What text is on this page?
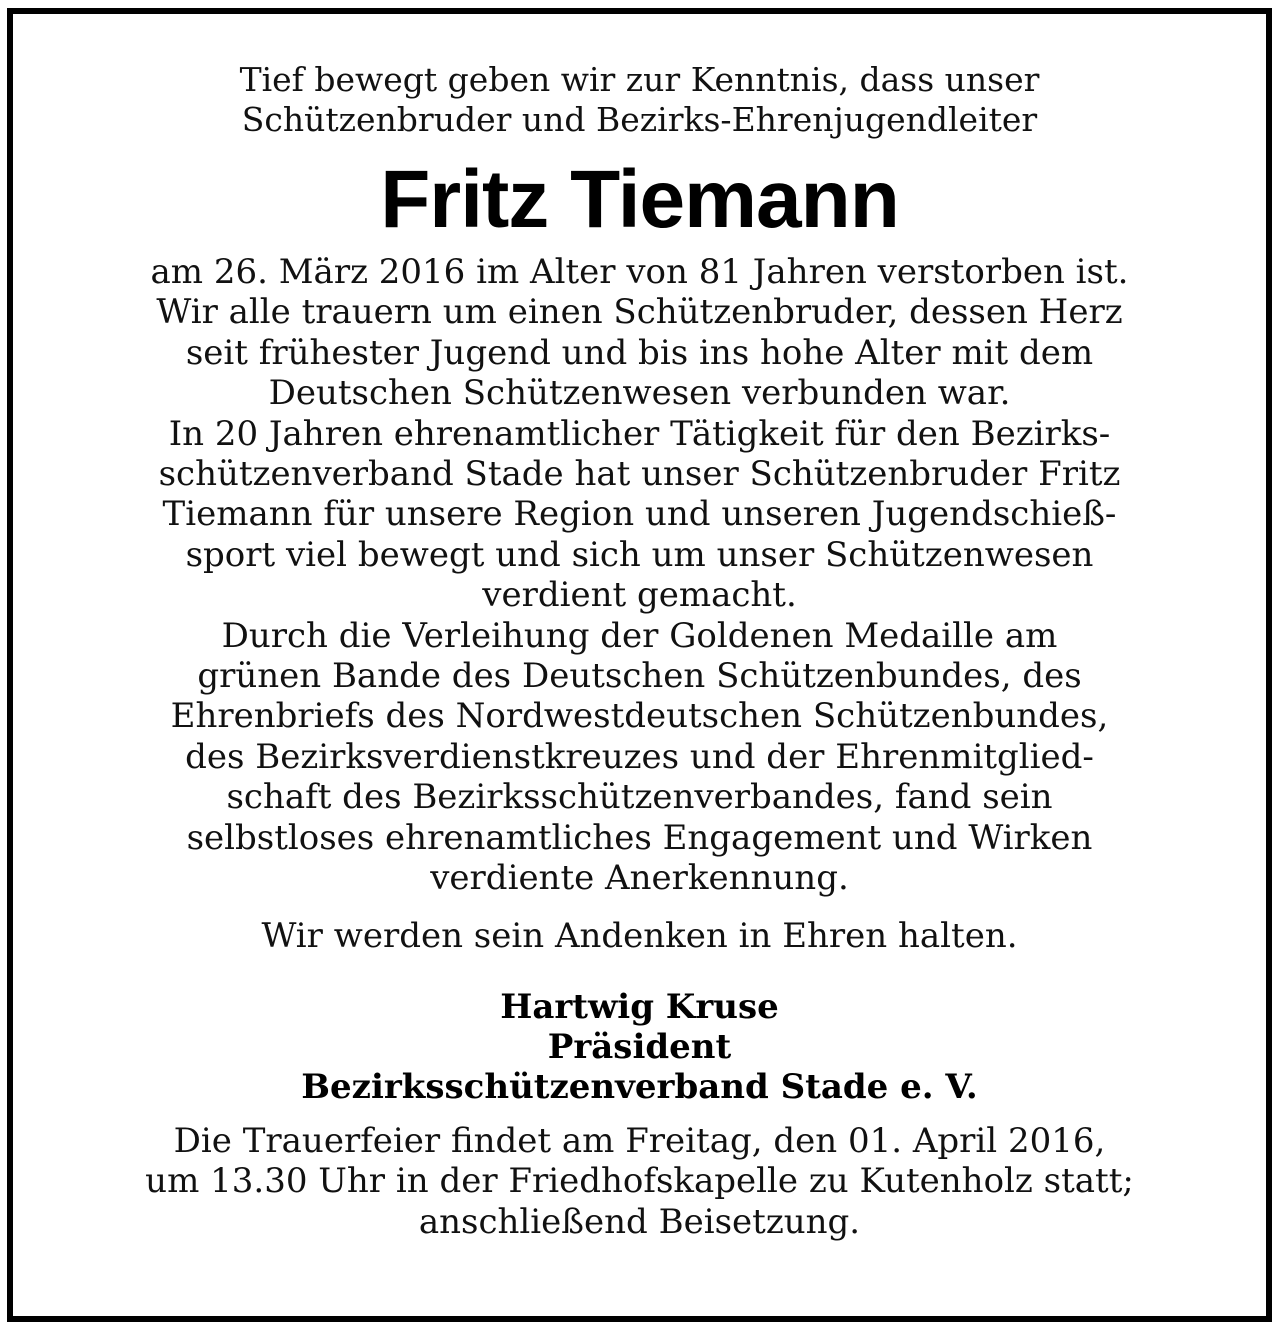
Tief bewegt geben wir zur Kenntnis, dass unser
Schützenbruder und Bezirks-Ehrenjugendleiter

Fritz Tiemann

am 26. März 2016 im Alter von 81 Jahren verstorben ist.
Wir alle trauern um einen Schützenbruder, dessen Herz
seit frühester Jugend und bis ins hohe Alter mit dem
Deutschen Schützenwesen verbunden war.
In 20 Jahren ehrenamtlicher Tätigkeit für den Bezirks-
schützenverband Stade hat unser Schützenbruder Fritz
Tiemann für unsere Region und unseren Jugendschieß-
sport viel bewegt und sich um unser Schützenwesen
verdient gemacht.
Durch die Verleihung der Goldenen Medaille am
grünen Bande des Deutschen Schützenbundes, des
Ehrenbriefs des Nordwestdeutschen Schützenbundes,
des Bezirksverdienstkreuzes und der Ehrenmitglied-
schaft des Bezirksschützenverbandes, fand sein
selbstloses ehrenamtliches Engagement und Wirken
verdiente Anerkennung.

Wir werden sein Andenken in Ehren halten.

Hartwig Kruse
Präsident
Bezirksschützenverband Stade e. V.

Die Trauerfeier findet am Freitag, den 01. April 2016,
um 13.30 Uhr in der Friedhofskapelle zu Kutenholz statt;
anschließend Beisetzung.
